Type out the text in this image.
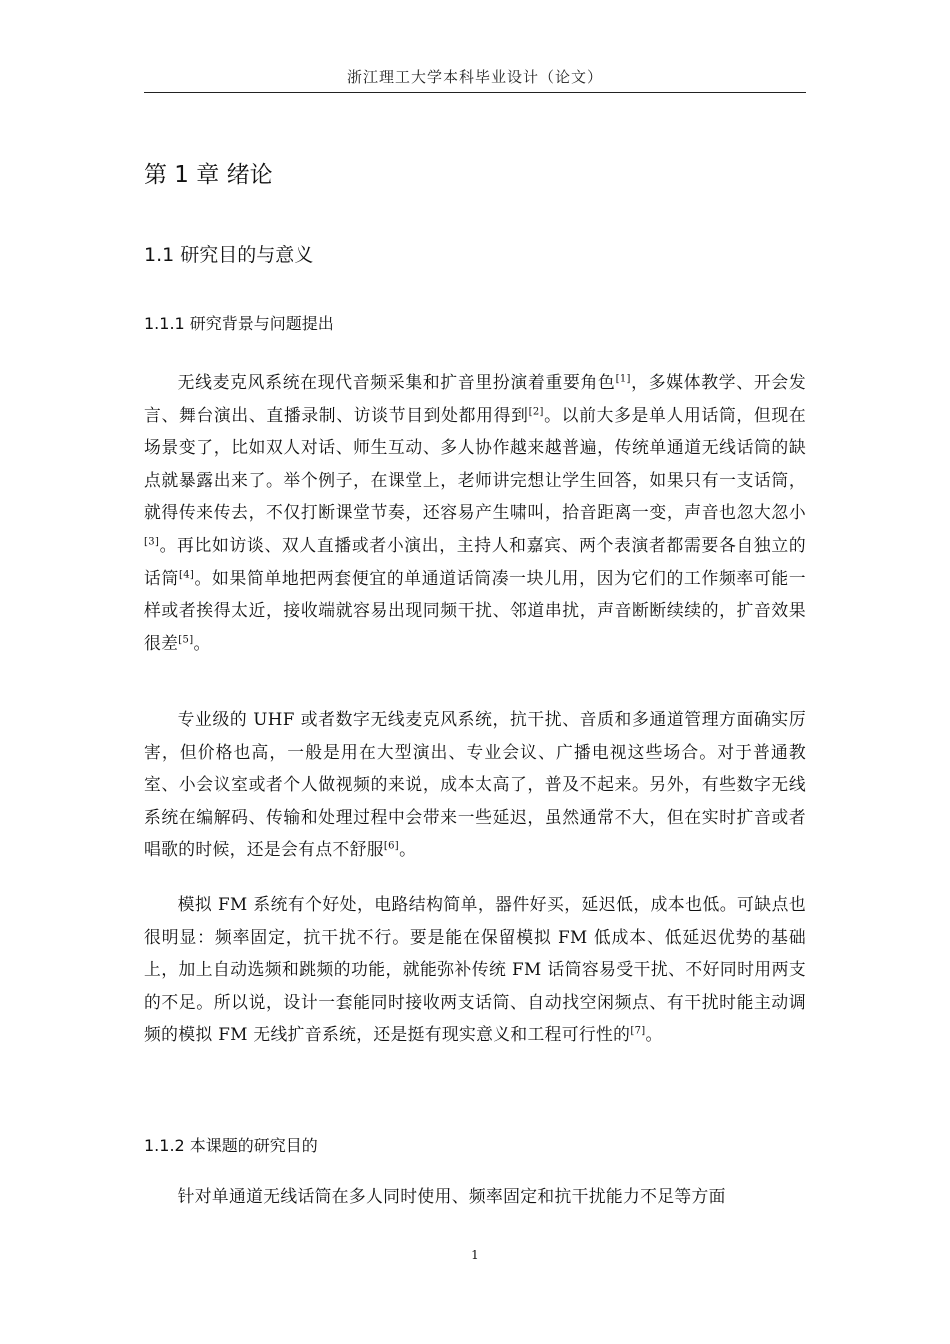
浙江理工大学本科毕业设计（论文）
第 1 章 绪论
1.1 研究目的与意义
1.1.1 研究背景与问题提出

无线麦克风系统在现代音频采集和扩音里扮演着重要角色[1]，多媒体教学、开会发言、舞台演出、直播录制、访谈节目到处都用得到[2]。以前大多是单人用话筒，但现在场景变了，比如双人对话、师生互动、多人协作越来越普遍，传统单通道无线话筒的缺点就暴露出来了。举个例子，在课堂上，老师讲完想让学生回答，如果只有一支话筒，就得传来传去，不仅打断课堂节奏，还容易产生啸叫，拾音距离一变，声音也忽大忽小[3]。再比如访谈、双人直播或者小演出，主持人和嘉宾、两个表演者都需要各自独立的话筒[4]。如果简单地把两套便宜的单通道话筒凑一块儿用，因为它们的工作频率可能一样或者挨得太近，接收端就容易出现同频干扰、邻道串扰，声音断断续续的，扩音效果很差[5]。

专业级的 UHF 或者数字无线麦克风系统，抗干扰、音质和多通道管理方面确实厉害，但价格也高，一般是用在大型演出、专业会议、广播电视这些场合。对于普通教室、小会议室或者个人做视频的来说，成本太高了，普及不起来。另外，有些数字无线系统在编解码、传输和处理过程中会带来一些延迟，虽然通常不大，但在实时扩音或者唱歌的时候，还是会有点不舒服[6]。

模拟 FM 系统有个好处，电路结构简单，器件好买，延迟低，成本也低。可缺点也很明显：频率固定，抗干扰不行。要是能在保留模拟 FM 低成本、低延迟优势的基础上，加上自动选频和跳频的功能，就能弥补传统 FM 话筒容易受干扰、不好同时用两支的不足。所以说，设计一套能同时接收两支话筒、自动找空闲频点、有干扰时能主动调频的模拟 FM 无线扩音系统，还是挺有现实意义和工程可行性的[7]。

1.1.2 本课题的研究目的

针对单通道无线话筒在多人同时使用、频率固定和抗干扰能力不足等方面

1
